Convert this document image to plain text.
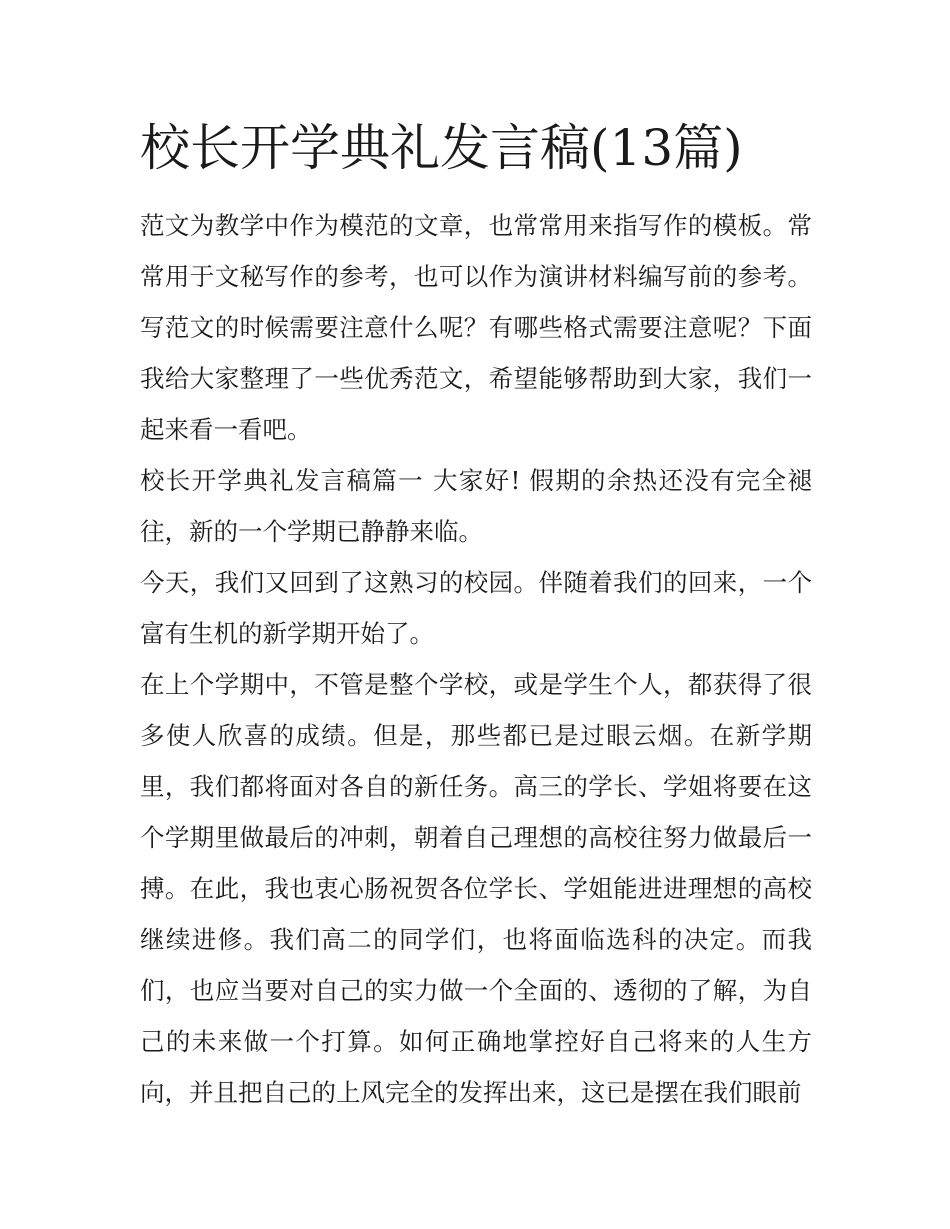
校长开学典礼发言稿(13篇)

范文为教学中作为模范的文章，也常常用来指写作的模板。常常用于文秘写作的参考，也可以作为演讲材料编写前的参考。写范文的时候需要注意什么呢？有哪些格式需要注意呢？下面我给大家整理了一些优秀范文，希望能够帮助到大家，我们一起来看一看吧。

校长开学典礼发言稿篇一 大家好! 假期的余热还没有完全褪往，新的一个学期已静静来临。

今天，我们又回到了这熟习的校园。伴随着我们的回来，一个富有生机的新学期开始了。

在上个学期中，不管是整个学校，或是学生个人，都获得了很多使人欣喜的成绩。但是，那些都已是过眼云烟。在新学期里，我们都将面对各自的新任务。高三的学长、学姐将要在这个学期里做最后的冲刺，朝着自己理想的高校往努力做最后一搏。在此，我也衷心肠祝贺各位学长、学姐能进进理想的高校继续进修。我们高二的同学们，也将面临选科的决定。而我们，也应当要对自己的实力做一个全面的、透彻的了解，为自己的未来做一个打算。如何正确地掌控好自己将来的人生方向，并且把自己的上风完全的发挥出来，这已是摆在我们眼前
